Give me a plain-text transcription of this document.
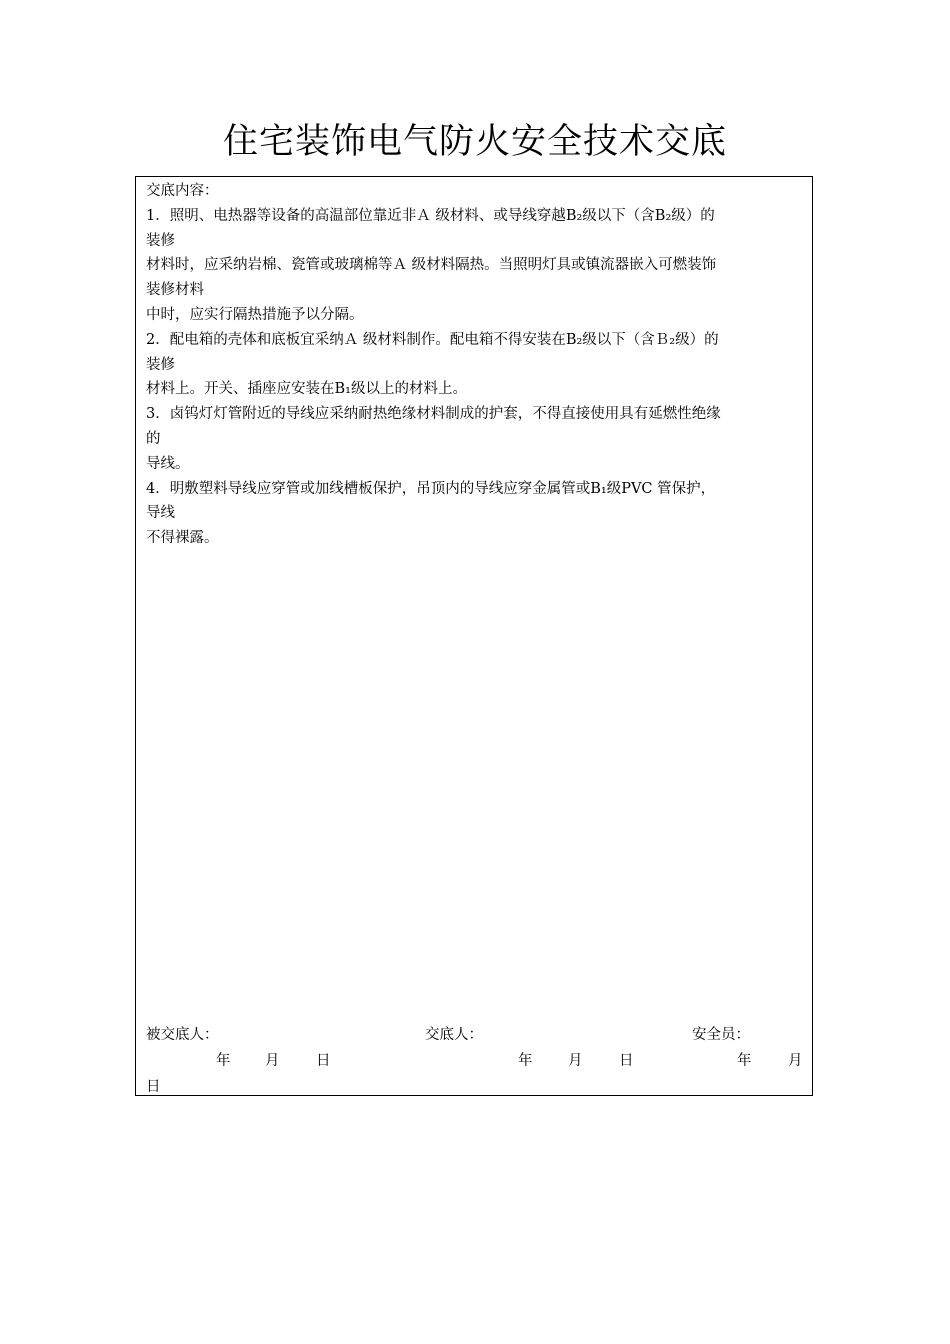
住宅装饰电气防火安全技术交底
交底内容：
1．照明、电热器等设备的高温部位靠近非Ａ 级材料、或导线穿越B₂级以下（含B₂级）的
装修
材料时，应采纳岩棉、瓷管或玻璃棉等Ａ 级材料隔热。当照明灯具或镇流器嵌入可燃装饰
装修材料
中时，应实行隔热措施予以分隔。
2．配电箱的壳体和底板宜采纳Ａ 级材料制作。配电箱不得安装在B₂级以下（含Ｂ₂级）的
装修
材料上。开关、插座应安装在B₁级以上的材料上。
3．卤钨灯灯管附近的导线应采纳耐热绝缘材料制成的护套，不得直接使用具有延燃性绝缘
的
导线。
4．明敷塑料导线应穿管或加线槽板保护，吊顶内的导线应穿金属管或B₁级PVC 管保护，
导线
不得裸露。
被交底人：	交底人：	安全员：
年 月	日	年 月	日	年	月
日
